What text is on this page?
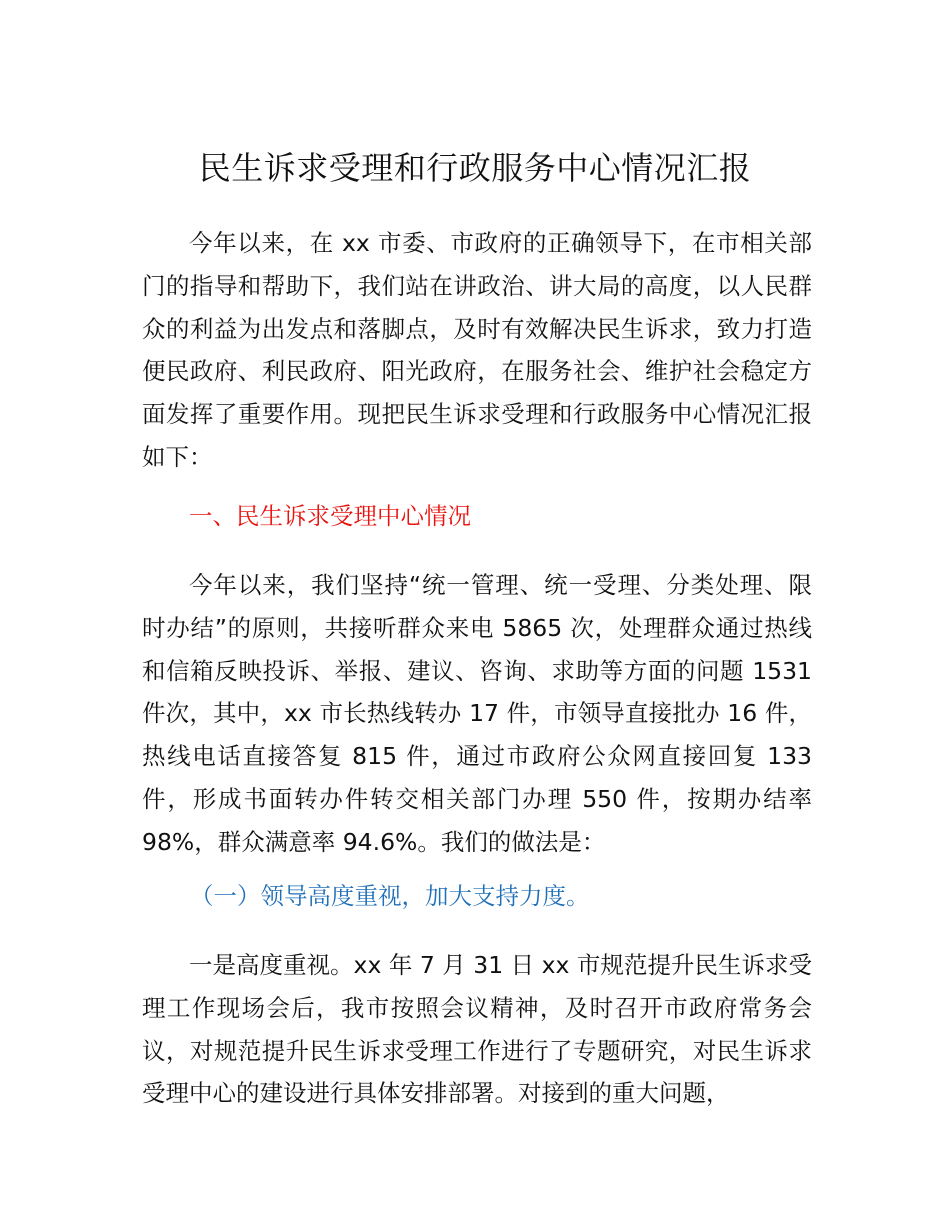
民生诉求受理和行政服务中心情况汇报

今年以来，在 xx 市委、市政府的正确领导下，在市相关部门的指导和帮助下，我们站在讲政治、讲大局的高度，以人民群众的利益为出发点和落脚点，及时有效解决民生诉求，致力打造便民政府、利民政府、阳光政府，在服务社会、维护社会稳定方面发挥了重要作用。现把民生诉求受理和行政服务中心情况汇报如下：

一、民生诉求受理中心情况

今年以来，我们坚持“统一管理、统一受理、分类处理、限时办结”的原则，共接听群众来电 5865 次，处理群众通过热线和信箱反映投诉、举报、建议、咨询、求助等方面的问题 1531 件次，其中，xx 市长热线转办 17 件，市领导直接批办 16 件，热线电话直接答复 815 件，通过市政府公众网直接回复 133 件，形成书面转办件转交相关部门办理 550 件，按期办结率 98%，群众满意率 94.6%。我们的做法是：

（一）领导高度重视，加大支持力度。

一是高度重视。xx 年 7 月 31 日 xx 市规范提升民生诉求受理工作现场会后，我市按照会议精神，及时召开市政府常务会议，对规范提升民生诉求受理工作进行了专题研究，对民生诉求受理中心的建设进行具体安排部署。对接到的重大问题，
